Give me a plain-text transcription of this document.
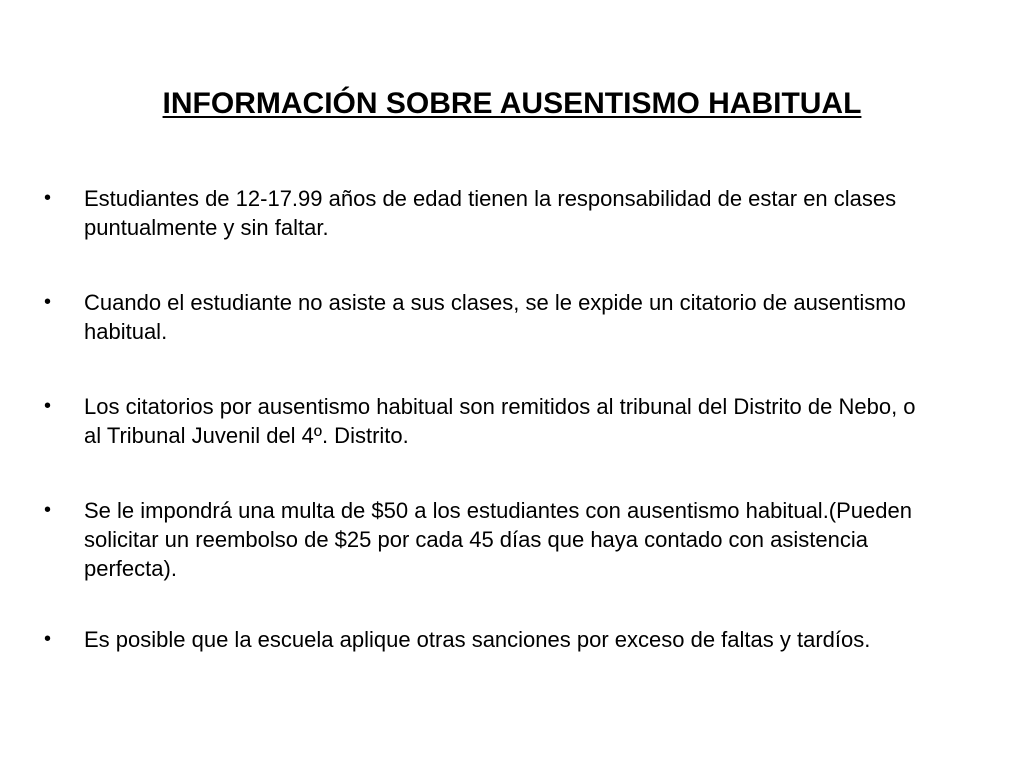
INFORMACIÓN SOBRE AUSENTISMO HABITUAL
• Estudiantes de 12-17.99 años de edad tienen la responsabilidad de estar en clases puntualmente y sin faltar.
• Cuando el estudiante no asiste a sus clases, se le expide un citatorio de ausentismo habitual.
• Los citatorios por ausentismo habitual son remitidos al tribunal del Distrito de Nebo, o al Tribunal Juvenil del 4º. Distrito.
• Se le impondrá una multa de $50 a los estudiantes con ausentismo habitual.(Pueden solicitar un reembolso de $25 por cada 45 días que haya contado con asistencia perfecta).
• Es posible que la escuela aplique otras sanciones por exceso de faltas y tardíos.
